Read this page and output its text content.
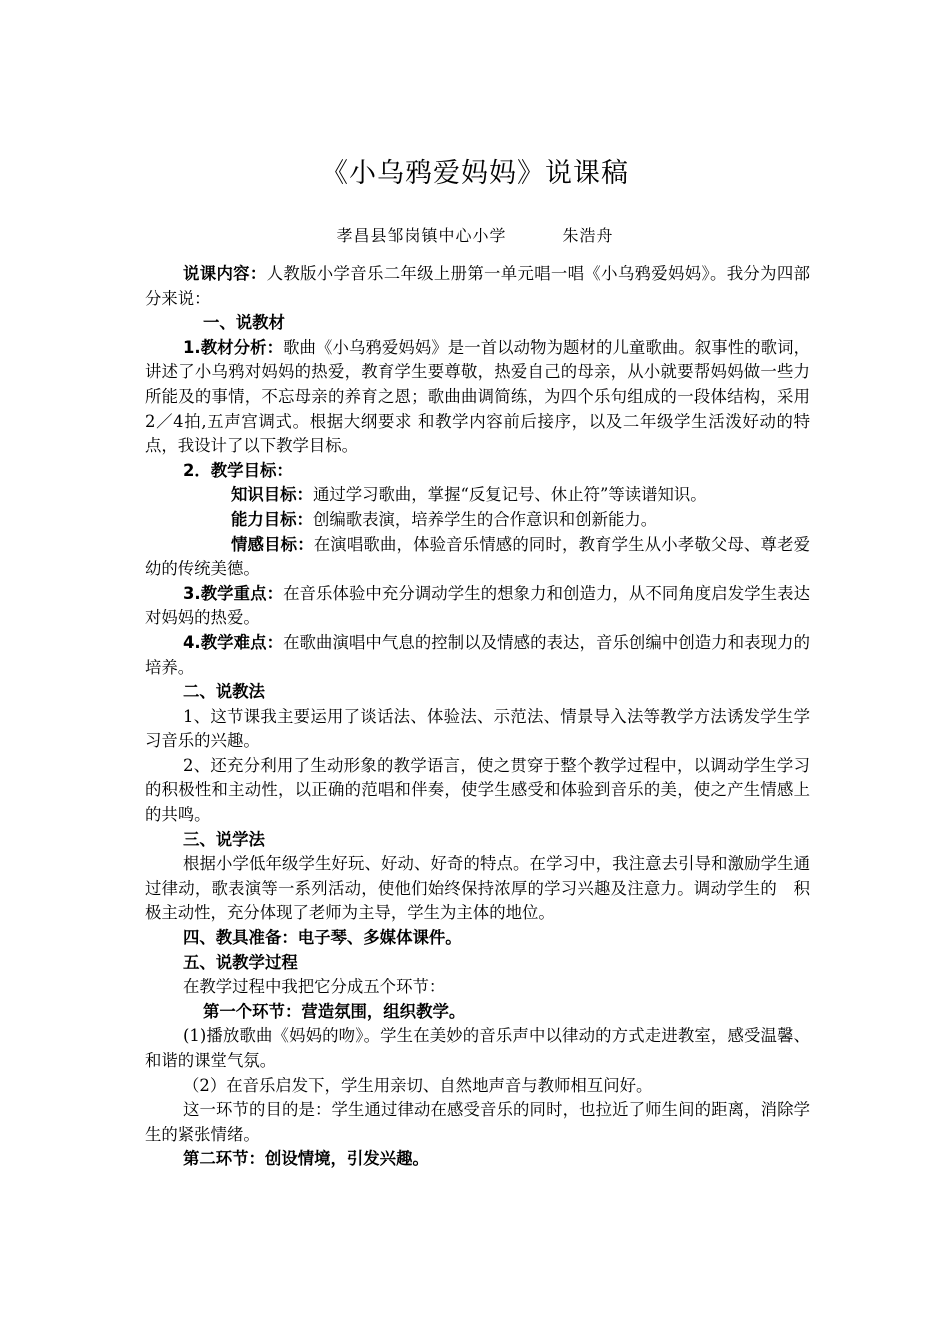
《小乌鸦爱妈妈》说课稿
孝昌县邹岗镇中心小学	朱浩舟

说课内容：人教版小学音乐二年级上册第一单元唱一唱《小乌鸦爱妈妈》。我分为四部分来说：

一、说教材

1.教材分析：歌曲《小乌鸦爱妈妈》是一首以动物为题材的儿童歌曲。叙事性的歌词，讲述了小乌鸦对妈妈的热爱，教育学生要尊敬，热爱自己的母亲，从小就要帮妈妈做一些力所能及的事情，不忘母亲的养育之恩；歌曲曲调简练，为四个乐句组成的一段体结构，采用2／4拍,五声宫调式。根据大纲要求 和教学内容前后接序，以及二年级学生活泼好动的特点，我设计了以下教学目标。

2．教学目标：

知识目标：通过学习歌曲，掌握“反复记号、休止符”等读谱知识。

能力目标：创编歌表演，培养学生的合作意识和创新能力。

情感目标：在演唱歌曲，体验音乐情感的同时，教育学生从小孝敬父母、尊老爱幼的传统美德。

3.教学重点：在音乐体验中充分调动学生的想象力和创造力，从不同角度启发学生表达对妈妈的热爱。

4.教学难点：在歌曲演唱中气息的控制以及情感的表达，音乐创编中创造力和表现力的培养。

二、说教法

1、这节课我主要运用了谈话法、体验法、示范法、情景导入法等教学方法诱发学生学习音乐的兴趣。

2、还充分利用了生动形象的教学语言，使之贯穿于整个教学过程中，以调动学生学习的积极性和主动性，以正确的范唱和伴奏，使学生感受和体验到音乐的美，使之产生情感上的共鸣。

三、说学法

根据小学低年级学生好玩、好动、好奇的特点。在学习中，我注意去引导和激励学生通过律动，歌表演等一系列活动，使他们始终保持浓厚的学习兴趣及注意力。调动学生的　积极主动性，充分体现了老师为主导，学生为主体的地位。

四、教具准备：电子琴、多媒体课件。

五、说教学过程

在教学过程中我把它分成五个环节：

第一个环节：营造氛围，组织教学。

(1)播放歌曲《妈妈的吻》。学生在美妙的音乐声中以律动的方式走进教室，感受温馨、和谐的课堂气氛。

（2）在音乐启发下，学生用亲切、自然地声音与教师相互问好。

这一环节的目的是：学生通过律动在感受音乐的同时，也拉近了师生间的距离，消除学生的紧张情绪。

第二环节：创设情境，引发兴趣。
